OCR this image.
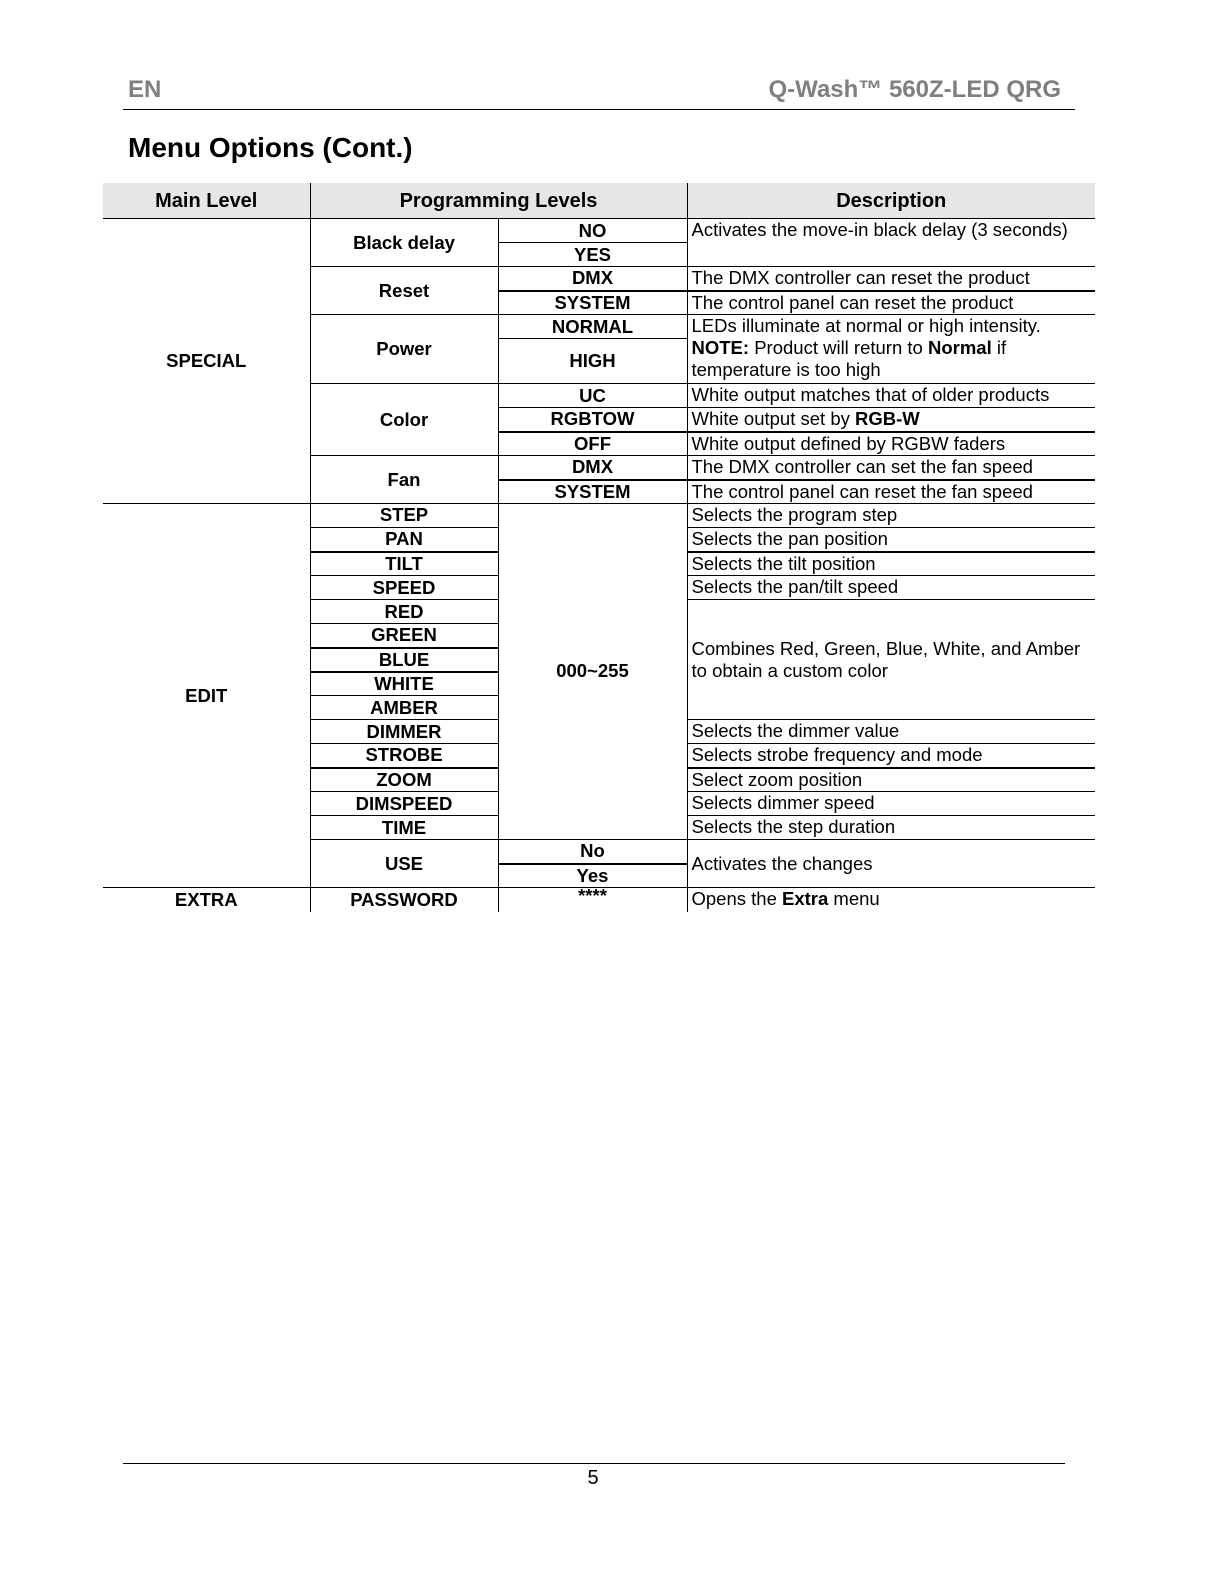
EN	Q-Wash™ 560Z-LED QRG
Menu Options (Cont.)
Main Level	Programming Levels		Description
SPECIAL	Black delay	NO	Activates the move-in black delay (3 seconds)
		YES	
	Reset	DMX	The DMX controller can reset the product
		SYSTEM	The control panel can reset the product
	Power	NORMAL	LEDs illuminate at normal or high intensity.
NOTE: Product will return to Normal if temperature is too high
		HIGH	
	Color	UC	White output matches that of older products
		RGBTOW	White output set by RGB-W
		OFF	White output defined by RGBW faders
	Fan	DMX	The DMX controller can set the fan speed
		SYSTEM	The control panel can reset the fan speed

EDIT	STEP	000~255	Selects the program step
	PAN		Selects the pan position
	TILT		Selects the tilt position
	SPEED		Selects the pan/tilt speed
	RED		Combines Red, Green, Blue, White, and Amber to obtain a custom color
	GREEN		
	BLUE		
	WHITE		
	AMBER		
	DIMMER		Selects the dimmer value
	STROBE		Selects strobe frequency and mode
	ZOOM		Select zoom position
	DIMSPEED		Selects dimmer speed
	TIME		Selects the step duration
	USE	No	Activates the changes
		Yes	
EXTRA	PASSWORD	****	Opens the Extra menu
5
